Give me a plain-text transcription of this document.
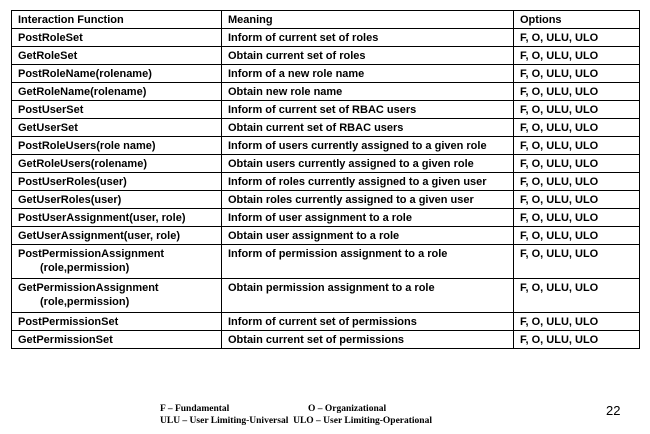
Interaction Function	Meaning	Options
PostRoleSet	Inform of current set of roles	F, O, ULU, ULO
GetRoleSet	Obtain current set of roles	F, O, ULU, ULO
PostRoleName(rolename)	Inform of a new role name	F, O, ULU, ULO
GetRoleName(rolename)	Obtain new role name	F, O, ULU, ULO
PostUserSet	Inform of current set of RBAC users	F, O, ULU, ULO
GetUserSet	Obtain current set of RBAC users	F, O, ULU, ULO
PostRoleUsers(role name)	Inform of users currently assigned to a given role	F, O, ULU, ULO
GetRoleUsers(rolename)	Obtain users currently assigned to a given role	F, O, ULU, ULO
PostUserRoles(user)	Inform of roles currently assigned to a given user	F, O, ULU, ULO
GetUserRoles(user)	Obtain roles currently assigned to a given user	F, O, ULU, ULO
PostUserAssignment(user, role)	Inform of user assignment to a role	F, O, ULU, ULO
GetUserAssignment(user, role)	Obtain user assignment to a role	F, O, ULU, ULO
PostPermissionAssignment
(role,permission)	Inform of permission assignment to a role	F, O, ULU, ULO
GetPermissionAssignment
(role,permission)	Obtain permission assignment to a role	F, O, ULU, ULO
PostPermissionSet	Inform of current set of permissions	F, O, ULU, ULO
GetPermissionSet	Obtain current set of permissions	F, O, ULU, ULO
F – Fundamental	O – Organizational
ULU – User Limiting-Universal ULO – User Limiting-Operational
22
